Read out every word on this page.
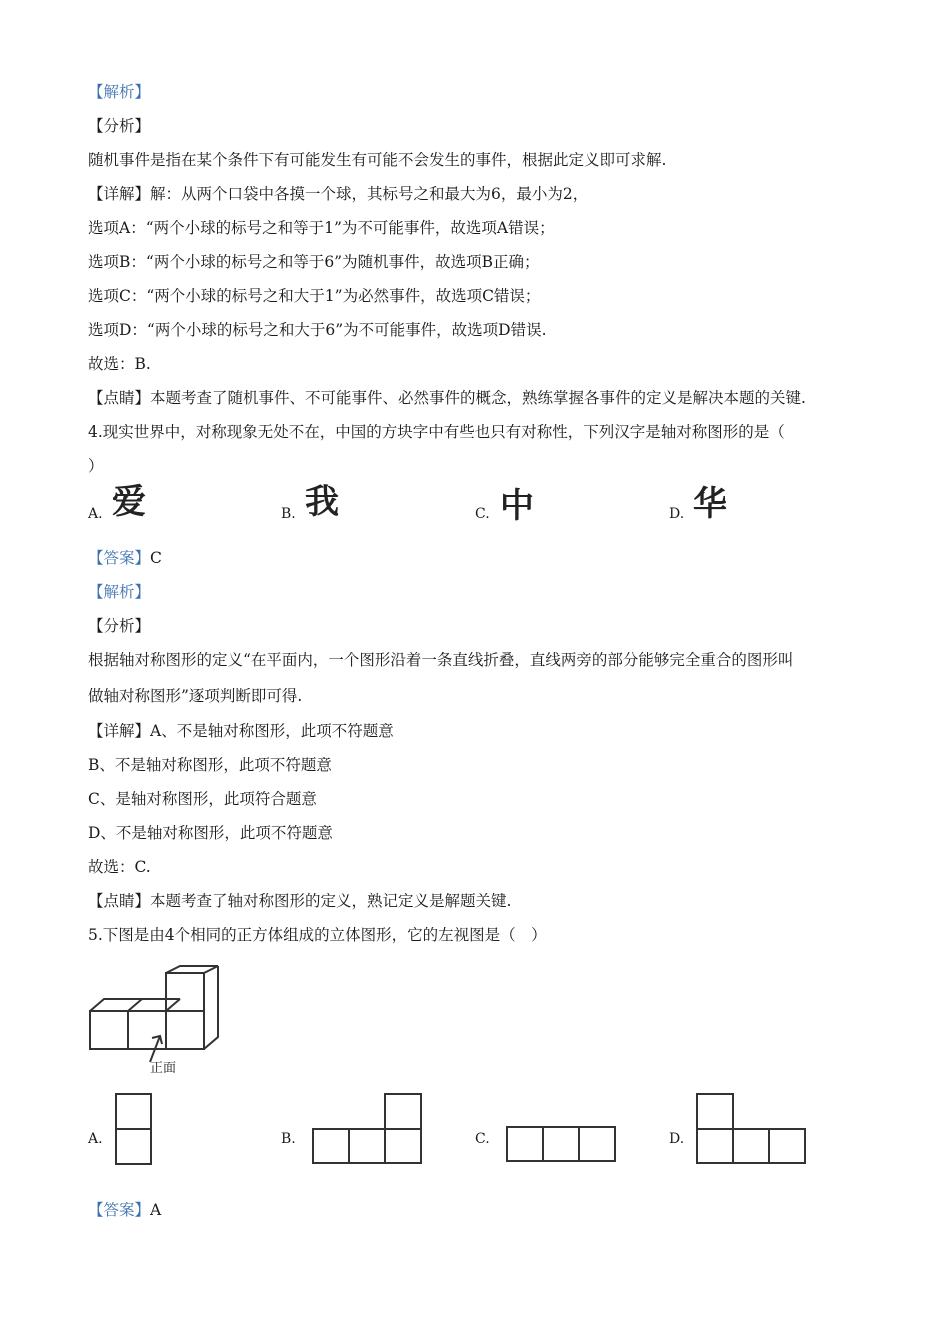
【解析】
【分析】
随机事件是指在某个条件下有可能发生有可能不会发生的事件，根据此定义即可求解.
【详解】解：从两个口袋中各摸一个球，其标号之和最大为6，最小为2，
选项A：“两个小球的标号之和等于1”为不可能事件，故选项A错误；
选项B：“两个小球的标号之和等于6”为随机事件，故选项B正确；
选项C：“两个小球的标号之和大于1”为必然事件，故选项C错误；
选项D：“两个小球的标号之和大于6”为不可能事件，故选项D错误.
故选：B.
【点睛】本题考查了随机事件、不可能事件、必然事件的概念，熟练掌握各事件的定义是解决本题的关键.
4.现实世界中，对称现象无处不在，中国的方块字中有些也只有对称性，下列汉字是轴对称图形的是（
）
A. 爱	B. 我	C. 中	D. 华
【答案】C
【解析】
【分析】
根据轴对称图形的定义“在平面内，一个图形沿着一条直线折叠，直线两旁的部分能够完全重合的图形叫
做轴对称图形”逐项判断即可得.
【详解】A、不是轴对称图形，此项不符题意
B、不是轴对称图形，此项不符题意
C、是轴对称图形，此项符合题意
D、不是轴对称图形，此项不符题意
故选：C.
【点睛】本题考查了轴对称图形的定义，熟记定义是解题关键.
5.下图是由4个相同的正方体组成的立体图形，它的左视图是（　）
正面
A.	B.	C.	D.
【答案】A
